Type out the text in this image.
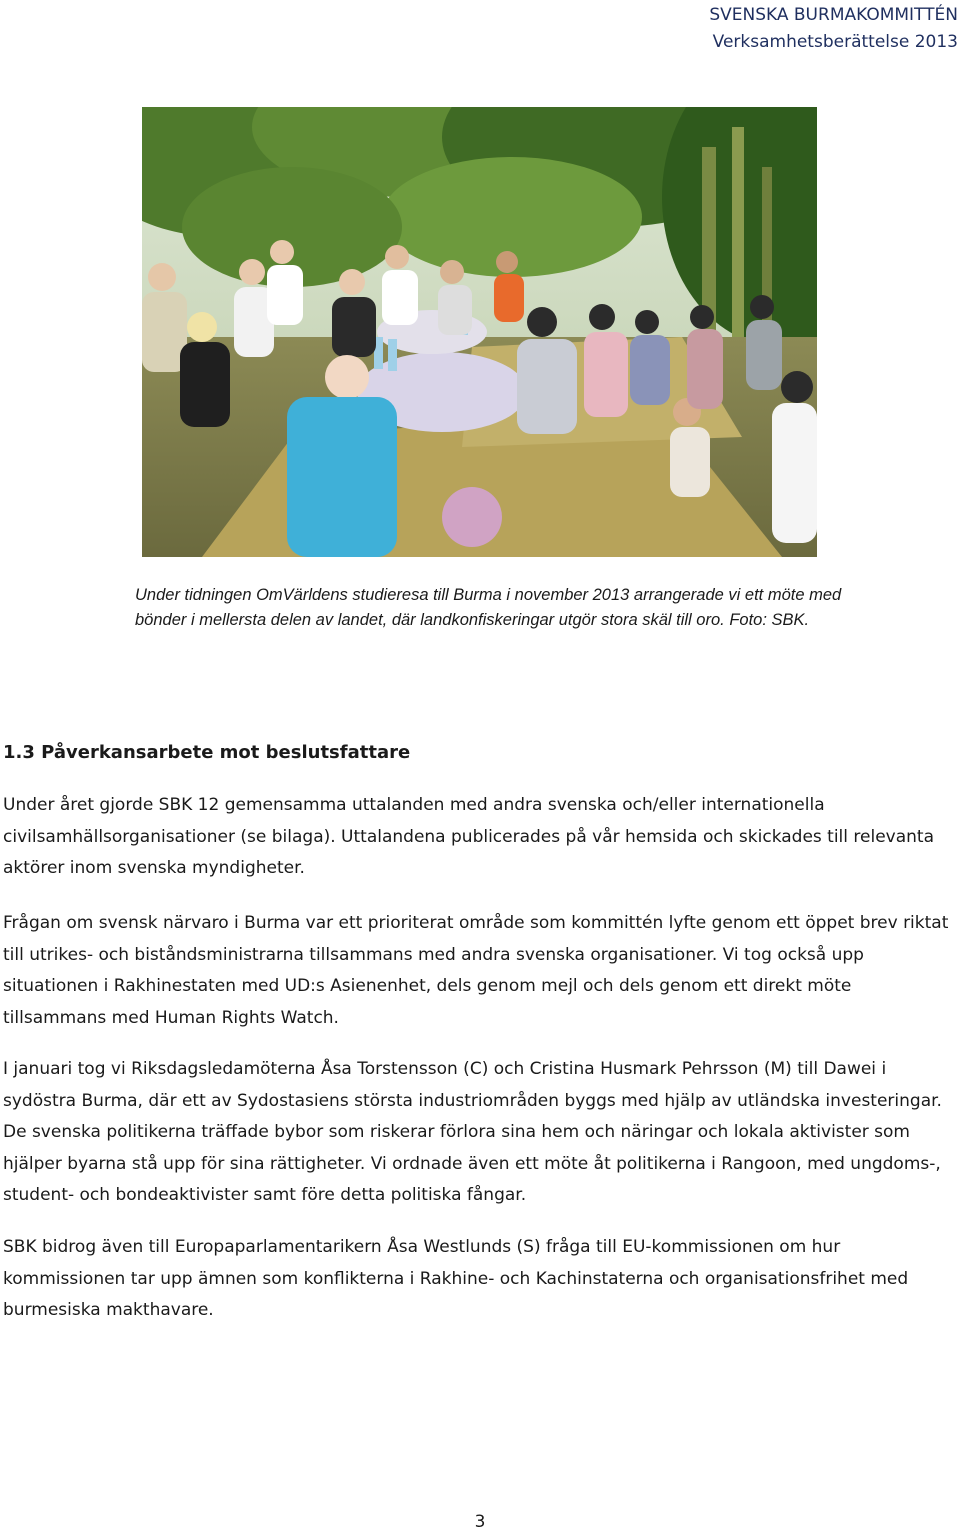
SVENSKA BURMAKOMMITTÉN
Verksamhetsberättelse 2013
Under tidningen OmVärldens studieresa till Burma i november 2013 arrangerade vi ett möte med bönder i mellersta delen av landet, där landkonfiskeringar utgör stora skäl till oro. Foto: SBK.
1.3 Påverkansarbete mot beslutsfattare

Under året gjorde SBK 12 gemensamma uttalanden med andra svenska och/eller internationella civilsamhällsorganisationer (se bilaga). Uttalandena publicerades på vår hemsida och skickades till relevanta aktörer inom svenska myndigheter.

Frågan om svensk närvaro i Burma var ett prioriterat område som kommittén lyfte genom ett öppet brev riktat till utrikes- och biståndsministrarna tillsammans med andra svenska organisationer. Vi tog också upp situationen i Rakhinestaten med UD:s Asienenhet, dels genom mejl och dels genom ett direkt möte tillsammans med Human Rights Watch.

I januari tog vi Riksdagsledamöterna Åsa Torstensson (C) och Cristina Husmark Pehrsson (M) till Dawei i sydöstra Burma, där ett av Sydostasiens största industriområden byggs med hjälp av utländska investeringar. De svenska politikerna träffade bybor som riskerar förlora sina hem och näringar och lokala aktivister som hjälper byarna stå upp för sina rättigheter. Vi ordnade även ett möte åt politikerna i Rangoon, med ungdoms-, student- och bondeaktivister samt före detta politiska fångar.

SBK bidrog även till Europaparlamentarikern Åsa Westlunds (S) fråga till EU-kommissionen om hur kommissionen tar upp ämnen som konflikterna i Rakhine- och Kachinstaterna och organisationsfrihet med burmesiska makthavare.

3
